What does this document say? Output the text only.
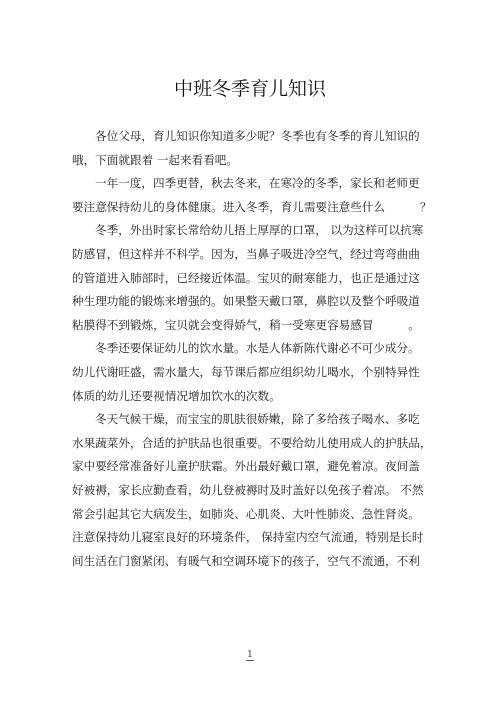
中班冬季育儿知识

各位父母，育儿知识你知道多少呢？冬季也有冬季的育儿知识的

哦，下面就跟着 一起来看看吧。

一年一度，四季更替，秋去冬来，在寒冷的冬季，家长和老师更

要注意保持幼儿的身体健康。进入冬季，育儿需要注意些什么　　　？

冬季，外出时家长常给幼儿捂上厚厚的口罩， 以为这样可以抗寒

防感冒，但这样并不科学。因为，当鼻子吸进冷空气，经过弯弯曲曲

的管道进入肺部时，已经接近体温。宝贝的耐寒能力，也正是通过这

种生理功能的锻炼来增强的。如果整天戴口罩，鼻腔以及整个呼吸道

粘膜得不到锻炼，宝贝就会变得娇气，稍一受寒更容易感冒　　　。

冬季还要保证幼儿的饮水量。水是人体新陈代谢必不可少成分。

幼儿代谢旺盛，需水量大，每节课后都应组织幼儿喝水，个别特异性

体质的幼儿还要视情况增加饮水的次数。

冬天气候干燥，而宝宝的肌肤很娇嫩，除了多给孩子喝水、多吃

水果蔬菜外，合适的护肤品也很重要。不要给幼儿使用成人的护肤品，

家中要经常准备好儿童护肤霜。外出最好戴口罩，避免着凉。夜间盖

好被褥，家长应勤查看，幼儿登被褥时及时盖好以免孩子着凉。 不然

常会引起其它大病发生，如肺炎、心肌炎、大叶性肺炎、急性肾炎。

注意保持幼儿寝室良好的环境条件， 保持室内空气流通，特别是长时

间生活在门窗紧闭、有暖气和空调环境下的孩子，空气不流通，不利

1
